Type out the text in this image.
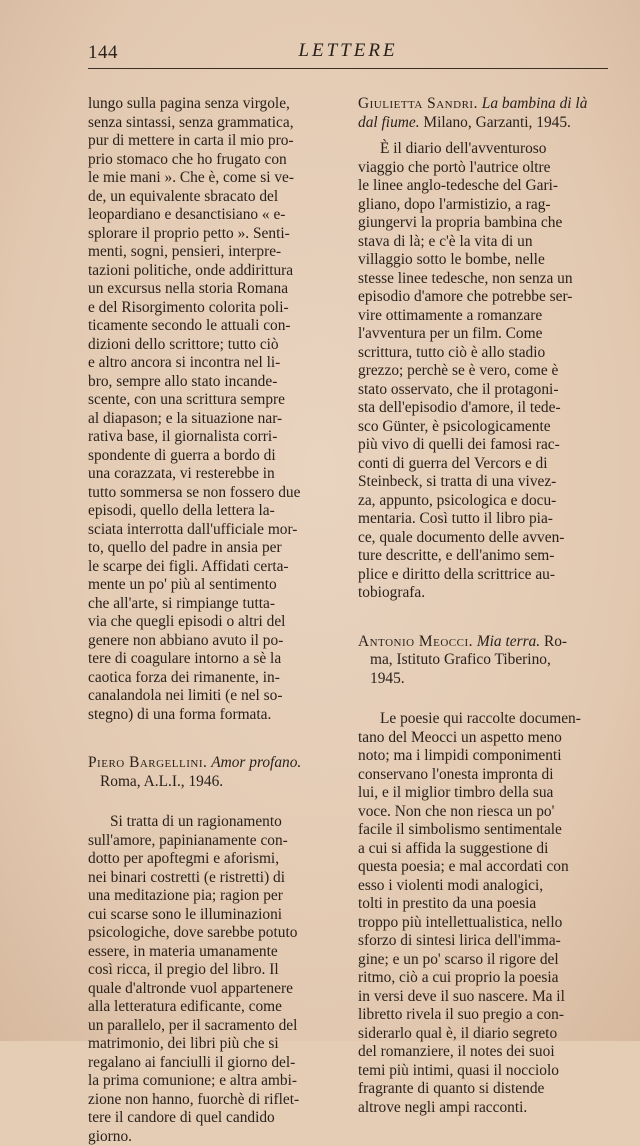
144	LETTERE

lungo sulla pagina senza virgole,
senza sintassi, senza grammatica,
pur di mettere in carta il mio pro-
prio stomaco che ho frugato con
le mie mani ». Che è, come si ve-
de, un equivalente sbracato del
leopardiano e desanctisiano « e-
splorare il proprio petto ». Senti-
menti, sogni, pensieri, interpre-
tazioni politiche, onde addirittura
un excursus nella storia Romana
e del Risorgimento colorita poli-
ticamente secondo le attuali con-
dizioni dello scrittore; tutto ciò
e altro ancora si incontra nel li-
bro, sempre allo stato incande-
scente, con una scrittura sempre
al diapason; e la situazione nar-
rativa base, il giornalista corri-
spondente di guerra a bordo di
una corazzata, vi resterebbe in
tutto sommersa se non fossero due
episodi, quello della lettera la-
sciata interrotta dall'ufficiale mor-
to, quello del padre in ansia per
le scarpe dei figli. Affidati certa-
mente un po' più al sentimento
che all'arte, si rimpiange tutta-
via che quegli episodi o altri del
genere non abbiano avuto il po-
tere di coagulare intorno a sè la
caotica forza dei rimanente, in-
canalandola nei limiti (e nel so-
stegno) di una forma formata.

Piero Bargellini. Amor profano.
Roma, A.L.I., 1946.

Si tratta di un ragionamento
sull'amore, papinianamente con-
dotto per apoftegmi e aforismi,
nei binari costretti (e ristretti) di
una meditazione pia; ragion per
cui scarse sono le illuminazioni
psicologiche, dove sarebbe potuto
essere, in materia umanamente
così ricca, il pregio del libro. Il
quale d'altronde vuol appartenere
alla letteratura edificante, come
un parallelo, per il sacramento del
matrimonio, dei libri più che si
regalano ai fanciulli il giorno del-
la prima comunione; e altra ambi-
zione non hanno, fuorchè di riflet-
tere il candore di quel candido
giorno.

Giulietta Sandri. La bambina di là dal fiume. Milano, Garzanti, 1945.

È il diario dell'avventuroso
viaggio che portò l'autrice oltre
le linee anglo-tedesche del Gari-
gliano, dopo l'armistizio, a rag-
giungervi la propria bambina che
stava di là; e c'è la vita di un
villaggio sotto le bombe, nelle
stesse linee tedesche, non senza un
episodio d'amore che potrebbe ser-
vire ottimamente a romanzare
l'avventura per un film. Come
scrittura, tutto ciò è allo stadio
grezzo; perchè se è vero, come è
stato osservato, che il protagoni-
sta dell'episodio d'amore, il tede-
sco Günter, è psicologicamente
più vivo di quelli dei famosi rac-
conti di guerra del Vercors e di
Steinbeck, si tratta di una vivez-
za, appunto, psicologica e docu-
mentaria. Così tutto il libro pia-
ce, quale documento delle avven-
ture descritte, e dell'animo sem-
plice e diritto della scrittrice au-
tobiografa.

Antonio Meocci. Mia terra. Ro-
ma, Istituto Grafico Tiberino,
1945.

Le poesie qui raccolte documen-
tano del Meocci un aspetto meno
noto; ma i limpidi componimenti
conservano l'onesta impronta di
lui, e il miglior timbro della sua
voce. Non che non riesca un po'
facile il simbolismo sentimentale
a cui si affida la suggestione di
questa poesia; e mal accordati con
esso i violenti modi analogici,
tolti in prestito da una poesia
troppo più intellettualistica, nello
sforzo di sintesi lirica dell'imma-
gine; e un po' scarso il rigore del
ritmo, ciò a cui proprio la poesia
in versi deve il suo nascere. Ma il
libretto rivela il suo pregio a con-
siderarlo qual è, il diario segreto
del romanziere, il notes dei suoi
temi più intimi, quasi il nocciolo
fragrante di quanto si distende
altrove negli ampi racconti.
